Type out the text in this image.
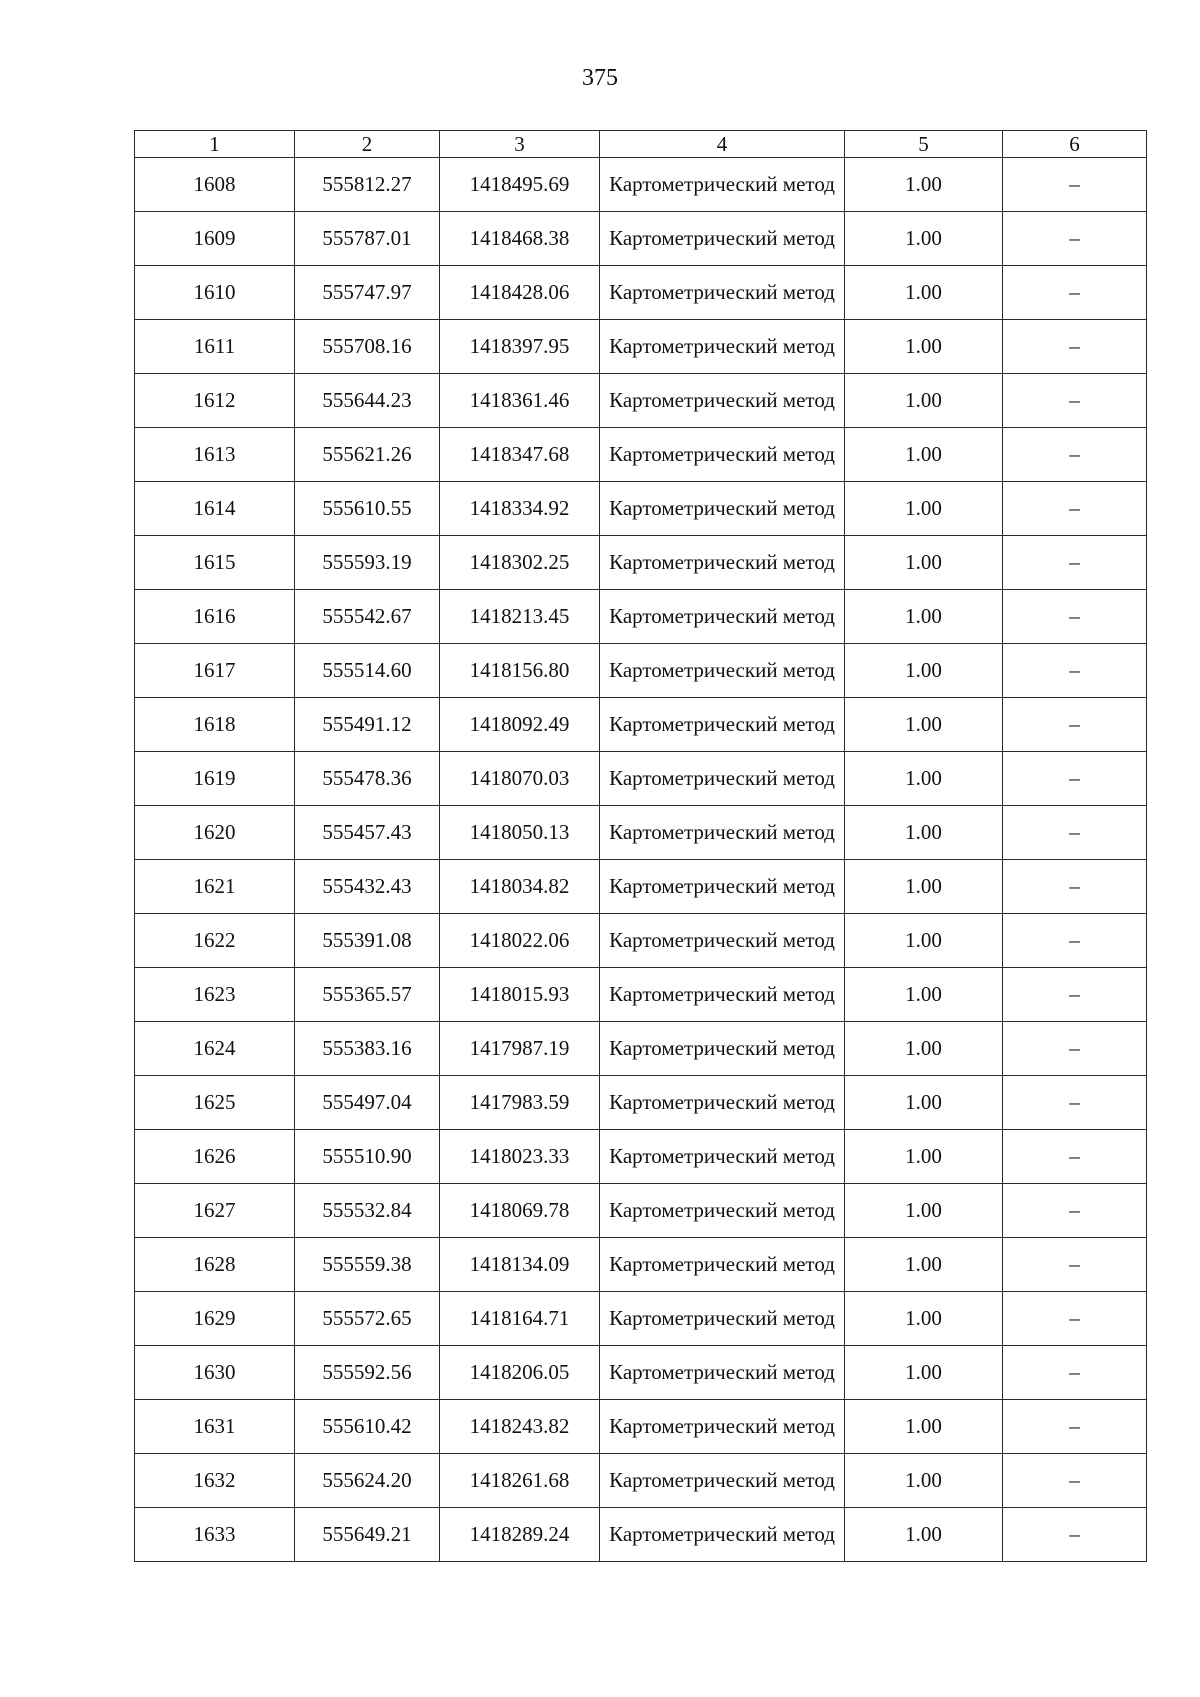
375
1	2	3	4	5	6
1608	555812.27	1418495.69	Картометрический метод	1.00	–
1609	555787.01	1418468.38	Картометрический метод	1.00	–
1610	555747.97	1418428.06	Картометрический метод	1.00	–
1611	555708.16	1418397.95	Картометрический метод	1.00	–
1612	555644.23	1418361.46	Картометрический метод	1.00	–
1613	555621.26	1418347.68	Картометрический метод	1.00	–
1614	555610.55	1418334.92	Картометрический метод	1.00	–
1615	555593.19	1418302.25	Картометрический метод	1.00	–
1616	555542.67	1418213.45	Картометрический метод	1.00	–
1617	555514.60	1418156.80	Картометрический метод	1.00	–
1618	555491.12	1418092.49	Картометрический метод	1.00	–
1619	555478.36	1418070.03	Картометрический метод	1.00	–
1620	555457.43	1418050.13	Картометрический метод	1.00	–
1621	555432.43	1418034.82	Картометрический метод	1.00	–
1622	555391.08	1418022.06	Картометрический метод	1.00	–
1623	555365.57	1418015.93	Картометрический метод	1.00	–
1624	555383.16	1417987.19	Картометрический метод	1.00	–
1625	555497.04	1417983.59	Картометрический метод	1.00	–
1626	555510.90	1418023.33	Картометрический метод	1.00	–
1627	555532.84	1418069.78	Картометрический метод	1.00	–
1628	555559.38	1418134.09	Картометрический метод	1.00	–
1629	555572.65	1418164.71	Картометрический метод	1.00	–
1630	555592.56	1418206.05	Картометрический метод	1.00	–
1631	555610.42	1418243.82	Картометрический метод	1.00	–
1632	555624.20	1418261.68	Картометрический метод	1.00	–
1633	555649.21	1418289.24	Картометрический метод	1.00	–
